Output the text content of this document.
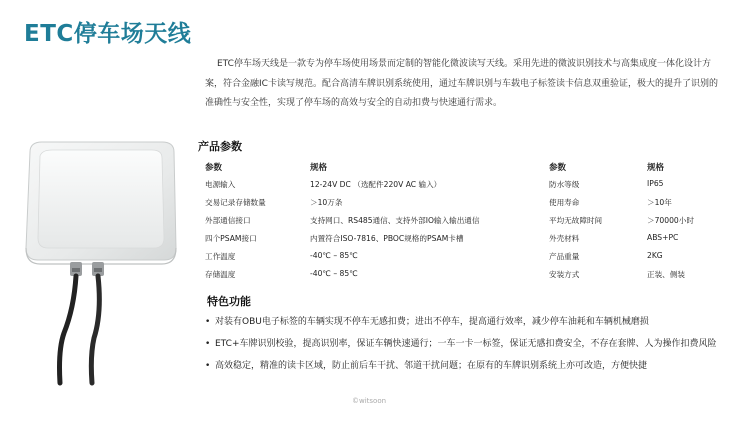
ETC停车场天线
ETC停车场天线是一款专为停车场使用场景而定制的智能化微波读写天线。采用先进的微波识别技术与高集成度一体化设计方案，符合金融IC卡读写规范。配合高清车牌识别系统使用，通过车牌识别与车载电子标签读卡信息双重验证，极大的提升了识别的准确性与安全性，实现了停车场的高效与安全的自动扣费与快速通行需求。
产品参数
参数	规格	参数	规格
电源输入	12-24V DC （选配件220V AC 输入）	防水等级	IP65
交易记录存储数量	＞10万条	使用寿命	＞10年
外部通信接口	支持网口、RS485通信、支持外部IO输入输出通信	平均无故障时间	＞70000小时
四个PSAM接口	内置符合ISO-7816、PBOC规格的PSAM卡槽	外壳材料	ABS+PC
工作温度	-40℃ – 85℃	产品重量	2KG
存储温度	-40℃ – 85℃	安装方式	正装、侧装
特色功能
• 对装有OBU电子标签的车辆实现不停车无感扣费；进出不停车，提高通行效率，减少停车油耗和车辆机械磨损
• ETC+车牌识别校验，提高识别率，保证车辆快速通行；一车一卡一标签，保证无感扣费安全，不存在套牌、人为操作扣费风险
• 高效稳定，精准的读卡区域，防止前后车干扰、邻道干扰问题；在原有的车牌识别系统上亦可改造，方便快捷
©witsoon
